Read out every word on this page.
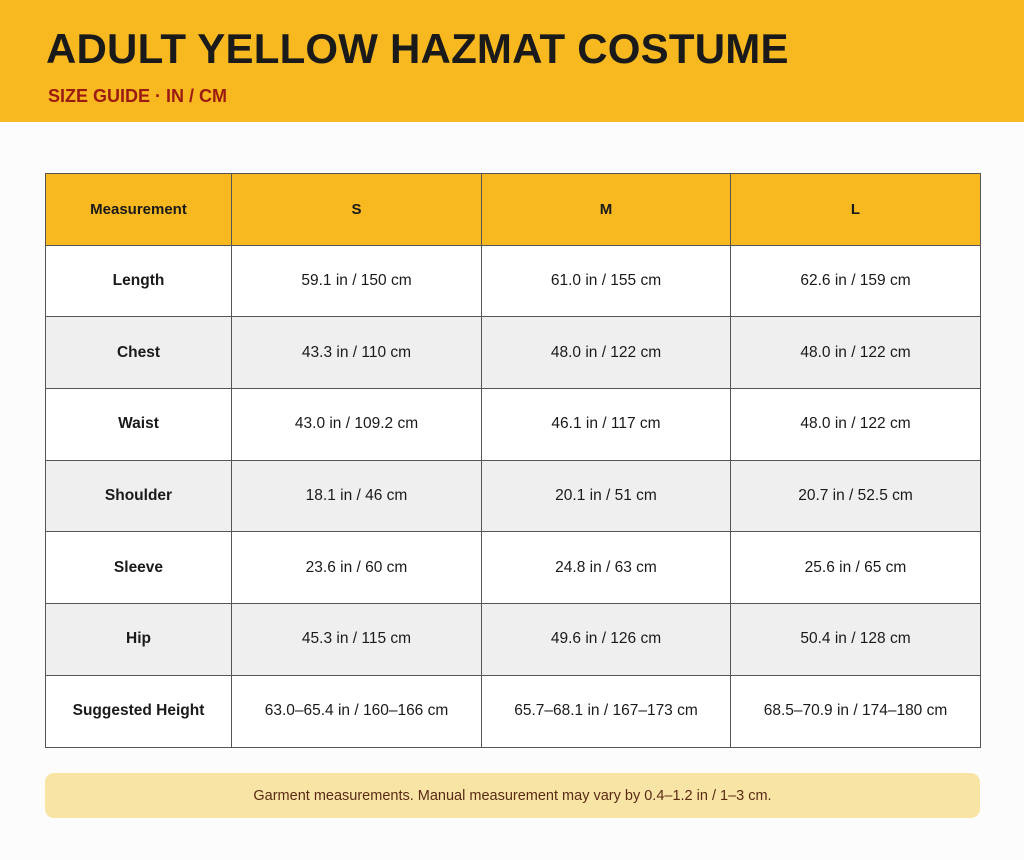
ADULT YELLOW HAZMAT COSTUME
SIZE GUIDE · IN / CM
Measurement	S	M	L
Length	59.1 in / 150 cm	61.0 in / 155 cm	62.6 in / 159 cm
Chest	43.3 in / 110 cm	48.0 in / 122 cm	48.0 in / 122 cm
Waist	43.0 in / 109.2 cm	46.1 in / 117 cm	48.0 in / 122 cm
Shoulder	18.1 in / 46 cm	20.1 in / 51 cm	20.7 in / 52.5 cm
Sleeve	23.6 in / 60 cm	24.8 in / 63 cm	25.6 in / 65 cm
Hip	45.3 in / 115 cm	49.6 in / 126 cm	50.4 in / 128 cm
Suggested Height	63.0–65.4 in / 160–166 cm	65.7–68.1 in / 167–173 cm	68.5–70.9 in / 174–180 cm
Garment measurements. Manual measurement may vary by 0.4–1.2 in / 1–3 cm.
